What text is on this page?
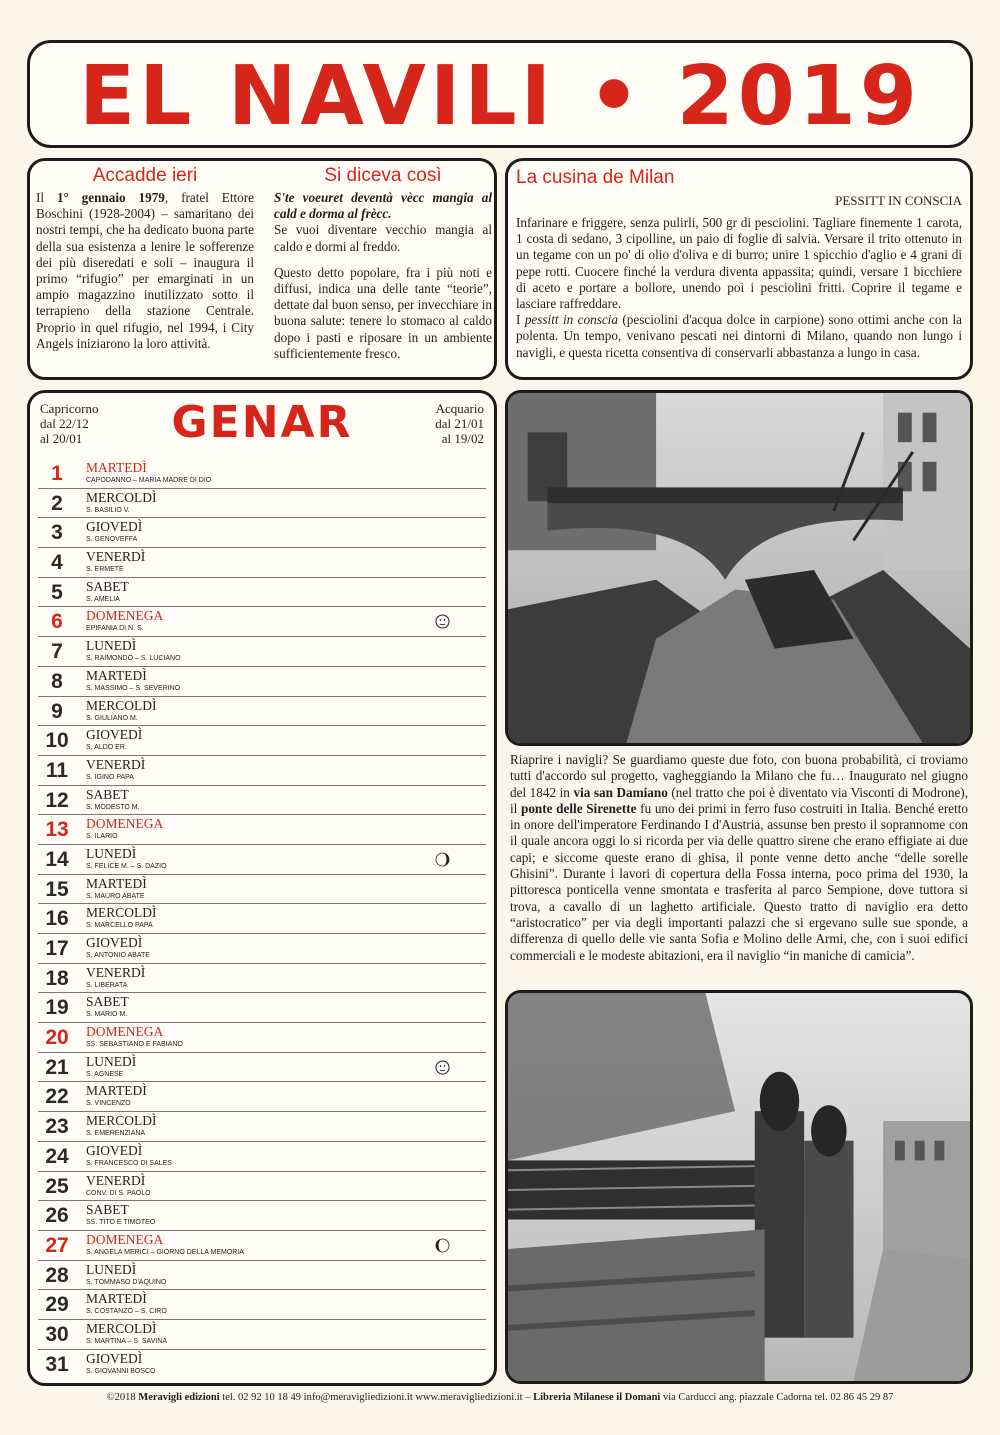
EL NAVILI • 2019
Accadde ieri

Il 1° gennaio 1979, fratel Ettore Boschini (1928-2004) – samaritano dei nostri tempi, che ha dedicato buona parte della sua esistenza a lenire le sofferenze dei più diseredati e soli – inaugura il primo “rifugio” per emarginati in un ampio magazzino inutilizzato sotto il terrapieno della stazione Centrale. Proprio in quel rifugio, nel 1994, i City Angels iniziarono la loro attività.

Si diceva così

S'te voeuret deventà vècc mangia al cald e dorma al frècc.

Se vuoi diventare vecchio mangia al caldo e dormi al freddo.

Questo detto popolare, fra i più noti e diffusi, indica una delle tante “teorie”, dettate dal buon senso, per invecchiare in buona salute: tenere lo stomaco al caldo dopo i pasti e riposare in un ambiente sufficientemente fresco.

La cusina de Milan
PESSITT IN CONSCIA
Infarinare e friggere, senza pulirli, 500 gr di pesciolini. Tagliare finemente 1 carota, 1 costa di sedano, 3 cipolline, un paio di foglie di salvia. Versare il trito ottenuto in un tegame con un po' di olio d'oliva e di burro; unire 1 spicchio d'aglio e 4 grani di pepe rotti. Cuocere finché la verdura diventa appassita; quindi, versare 1 bicchiere di aceto e portare a bollore, unendo poi i pesciolini fritti. Coprire il tegame e lasciare raffreddare.
I pessitt in conscia (pesciolini d'acqua dolce in carpione) sono ottimi anche con la polenta. Un tempo, venivano pescati nei dintorni di Milano, quando non lungo i navigli, e questa ricetta consentiva di conservarli abbastanza a lungo in casa.
Capricorno
dal 22/12
al 20/01	GENAR	Acquario
dal 21/01
al 19/02
1	MARTEDÌ
CAPODANNO – MARIA MADRE DI DIO
2	MERCOLDÌ
S. BASILIO V.
3	GIOVEDÌ
S. GENOVEFFA
4	VENERDÌ
S. ERMETE
5	SABET
S. AMELIA
6	DOMENEGA
EPIFANIA DI N. S.
7	LUNEDÌ
S. RAIMONDO – S. LUCIANO
8	MARTEDÌ
S. MASSIMO – S. SEVERINO
9	MERCOLDÌ
S. GIULIANO M.
10	GIOVEDÌ
S. ALDO ER.
11	VENERDÌ
S. IGINO PAPA
12	SABET
S. MODESTO M.
13	DOMENEGA
S. ILARIO
14	LUNEDÌ
S. FELICE M. – S. DAZIO
15	MARTEDÌ
S. MAURO ABATE
16	MERCOLDÌ
S. MARCELLO PAPA
17	GIOVEDÌ
S. ANTONIO ABATE
18	VENERDÌ
S. LIBERATA
19	SABET
S. MARIO M.
20	DOMENEGA
SS. SEBASTIANO E FABIANO
21	LUNEDÌ
S. AGNESE
22	MARTEDÌ
S. VINCENZO
23	MERCOLDÌ
S. EMERENZIANA
24	GIOVEDÌ
S. FRANCESCO DI SALES
25	VENERDÌ
CONV. DI S. PAOLO
26	SABET
SS. TITO E TIMOTEO
27	DOMENEGA
S. ANGELA MERICI – GIORNO DELLA MEMORIA
28	LUNEDÌ
S. TOMMASO D'AQUINO
29	MARTEDÌ
S. COSTANZO – S. CIRO
30	MERCOLDÌ
S. MARTINA – S. SAVINA
31	GIOVEDÌ
S. GIOVANNI BOSCO
Riaprire i navigli? Se guardiamo queste due foto, con buona probabilità, ci troviamo tutti d'accordo sul progetto, vagheggiando la Milano che fu… Inaugurato nel giugno del 1842 in via san Damiano (nel tratto che poi è diventato via Visconti di Modrone), il ponte delle Sirenette fu uno dei primi in ferro fuso costruiti in Italia. Benché eretto in onore dell'imperatore Ferdinando I d'Austria, assunse ben presto il soprannome con il quale ancora oggi lo si ricorda per via delle quattro sirene che erano effigiate ai due capi; e siccome queste erano di ghisa, il ponte venne detto anche “delle sorelle Ghisini”. Durante i lavori di copertura della Fossa interna, poco prima del 1930, la pittoresca ponticella venne smontata e trasferita al parco Sempione, dove tuttora si trova, a cavallo di un laghetto artificiale. Questo tratto di naviglio era detto “aristocratico” per via degli importanti palazzi che si ergevano sulle sue sponde, a differenza di quello delle vie santa Sofia e Molino delle Armi, che, con i suoi edifici commerciali e le modeste abitazioni, era il naviglio “in maniche di camicia”.
©2018 Meravigli edizioni tel. 02 92 10 18 49 info@meravigliedizioni.it www.meravigliedizioni.it – Libreria Milanese il Domani via Carducci ang. piazzale Cadorna tel. 02 86 45 29 87
